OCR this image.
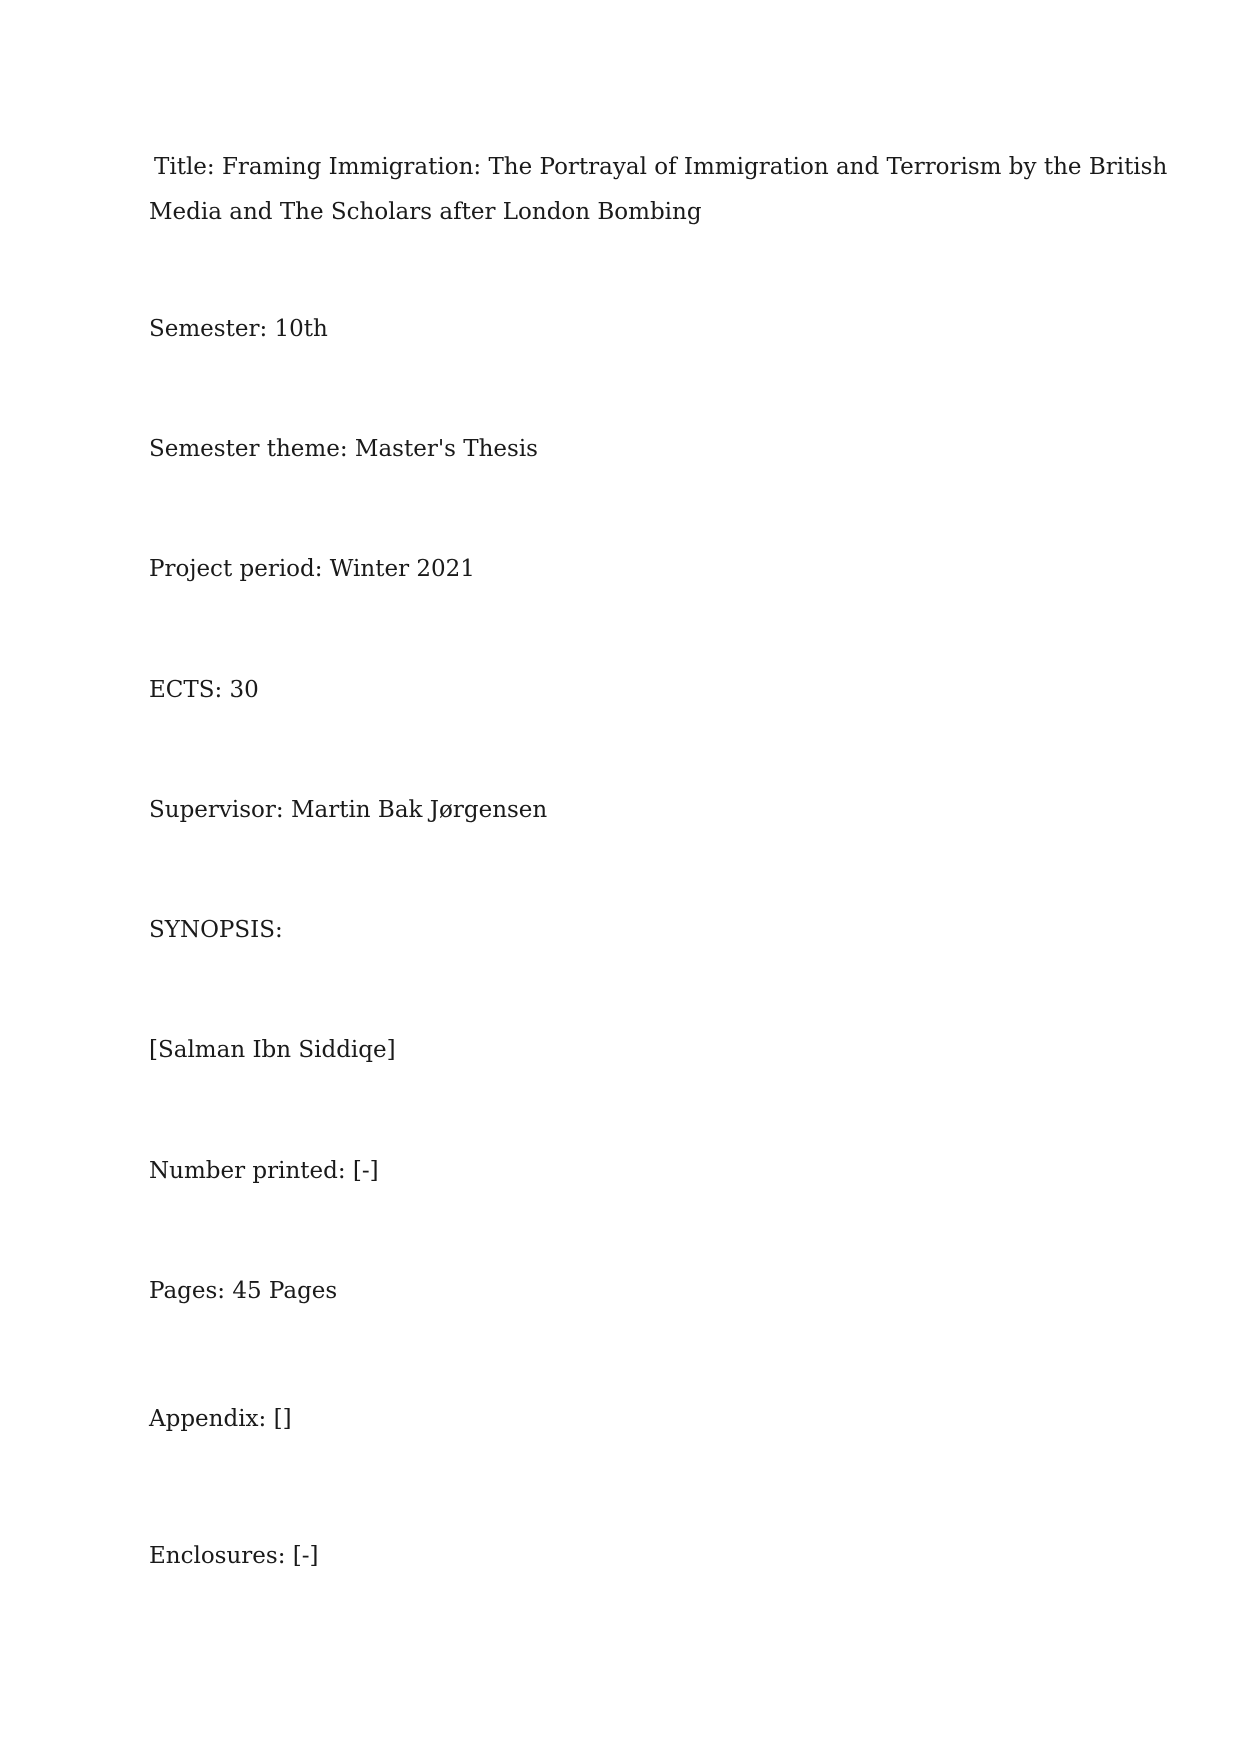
Title: Framing Immigration: The Portrayal of Immigration and Terrorism by the British
Media and The Scholars after London Bombing
Semester: 10th
Semester theme: Master's Thesis
Project period: Winter 2021
ECTS: 30
Supervisor: Martin Bak Jørgensen
SYNOPSIS:
[Salman Ibn Siddiqe]
Number printed: [-]
Pages: 45 Pages
Appendix: []
Enclosures: [-]
